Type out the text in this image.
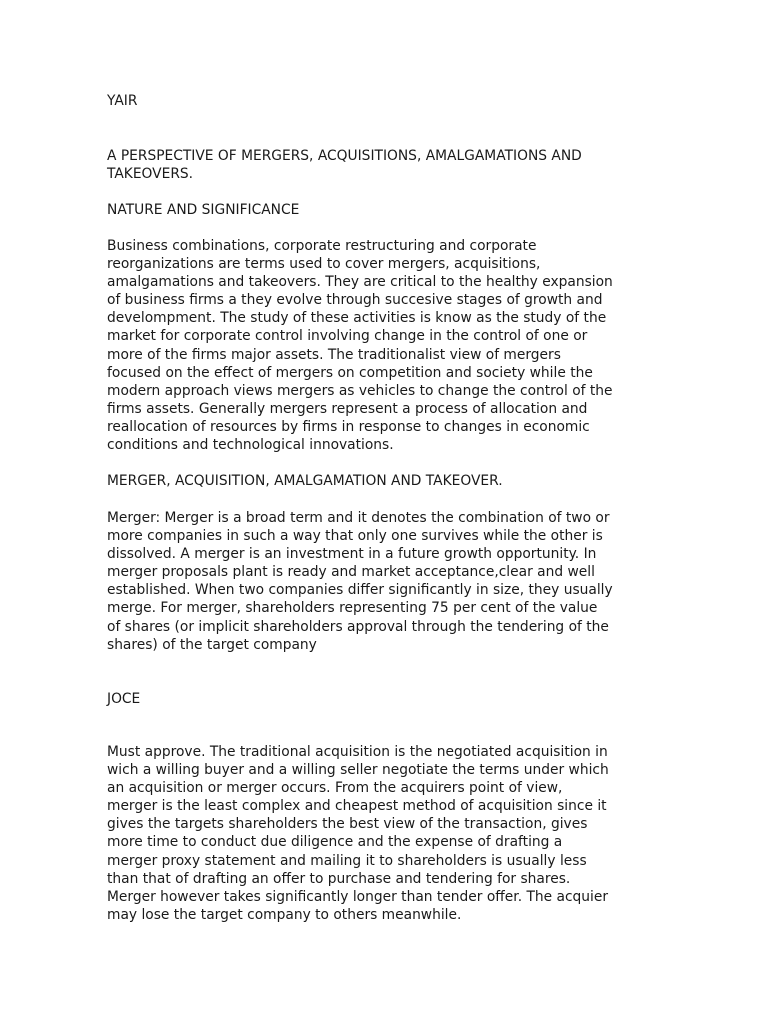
YAIR

A PERSPECTIVE OF MERGERS, ACQUISITIONS, AMALGAMATIONS AND
TAKEOVERS.

NATURE AND SIGNIFICANCE

Business combinations, corporate restructuring and corporate
reorganizations are terms used to cover mergers, acquisitions,
amalgamations and takeovers. They are critical to the healthy expansion
of business firms a they evolve through succesive stages of growth and
develompment. The study of these activities is know as the study of the
market for corporate control involving change in the control of one or
more of the firms major assets. The traditionalist view of mergers
focused on the effect of mergers on competition and society while the
modern approach views mergers as vehicles to change the control of the
firms assets. Generally mergers represent a process of allocation and
reallocation of resources by firms in response to changes in economic
conditions and technological innovations.

MERGER, ACQUISITION, AMALGAMATION AND TAKEOVER.

Merger: Merger is a broad term and it denotes the combination of two or
more companies in such a way that only one survives while the other is
dissolved. A merger is an investment in a future growth opportunity. In
merger proposals plant is ready and market acceptance,clear and well
established. When two companies differ significantly in size, they usually
merge. For merger, shareholders representing 75 per cent of the value
of shares (or implicit shareholders approval through the tendering of the
shares) of the target company

JOCE

Must approve. The traditional acquisition is the negotiated acquisition in
wich a willing buyer and a willing seller negotiate the terms under which
an acquisition or merger occurs. From the acquirers point of view,
merger is the least complex and cheapest method of acquisition since it
gives the targets shareholders the best view of the transaction, gives
more time to conduct due diligence and the expense of drafting a
merger proxy statement and mailing it to shareholders is usually less
than that of drafting an offer to purchase and tendering for shares.
Merger however takes significantly longer than tender offer. The acquier
may lose the target company to others meanwhile.
